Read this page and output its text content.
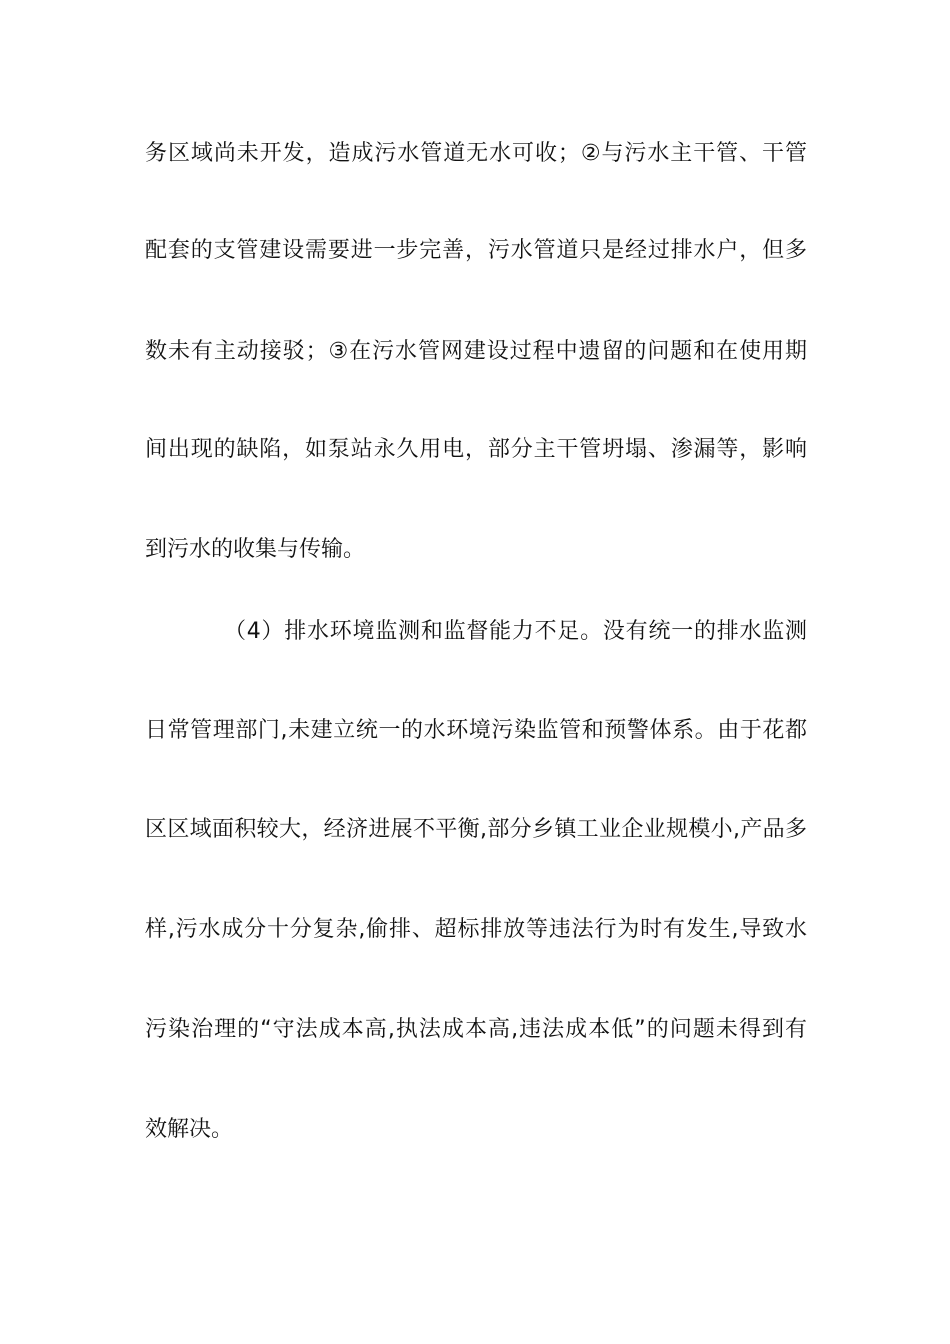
务区域尚未开发，造成污水管道无水可收；②与污水主干管、干管
配套的支管建设需要进一步完善，污水管道只是经过排水户，但多
数未有主动接驳；③在污水管网建设过程中遗留的问题和在使用期
间出现的缺陷，如泵站永久用电，部分主干管坍塌、渗漏等，影响
到污水的收集与传输。
（4）排水环境监测和监督能力不足。没有统一的排水监测
日常管理部门,未建立统一的水环境污染监管和预警体系。由于花都
区区域面积较大，经济进展不平衡,部分乡镇工业企业规模小,产品多
样,污水成分十分复杂,偷排、超标排放等违法行为时有发生,导致水
污染治理的“守法成本高,执法成本高,违法成本低”的问题未得到有
效解决。
